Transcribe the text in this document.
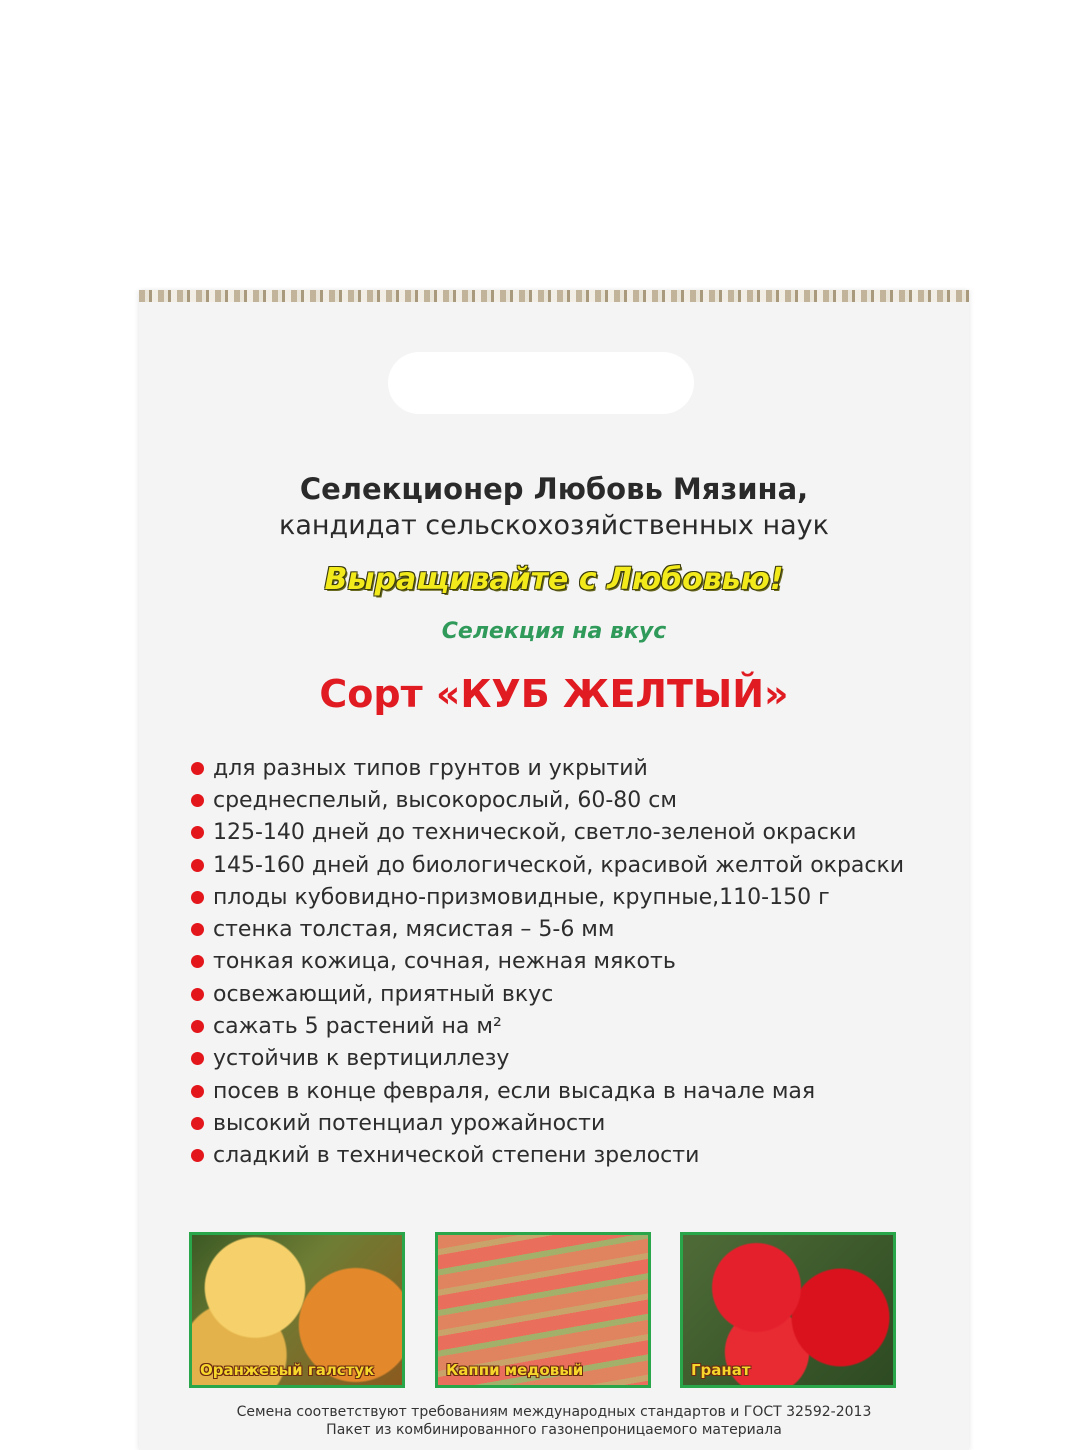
Селекционер Любовь Мязина,
кандидат сельскохозяйственных наук
Выращивайте с Любовью!
Селекция на вкус
Сорт «КУБ ЖЕЛТЫЙ»
для разных типов грунтов и укрытий
среднеспелый, высокорослый, 60-80 см
125-140 дней до технической, светло-зеленой окраски
145-160 дней до биологической, красивой желтой окраски
плоды кубовидно-призмовидные, крупные,110-150 г
стенка толстая, мясистая – 5-6 мм
тонкая кожица, сочная, нежная мякоть
освежающий, приятный вкус
сажать 5 растений на м²
устойчив к вертициллезу
посев в конце февраля, если высадка в начале мая
высокий потенциал урожайности
сладкий в технической степени зрелости
Оранжевый галстук	Каппи медовый	Гранат
Семена соответствуют требованиям международных стандартов и ГОСТ 32592-2013
Пакет из комбинированного газонепроницаемого материала
